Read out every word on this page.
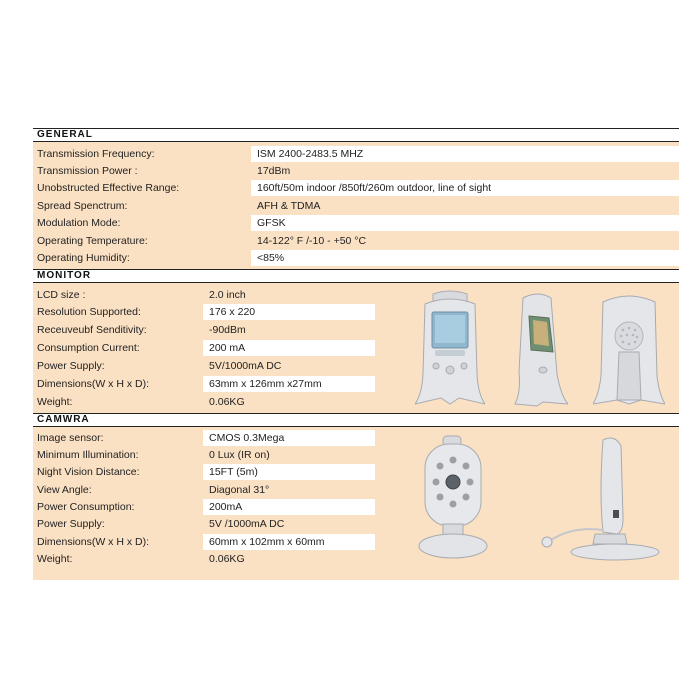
GENERAL
Transmission Frequency:	ISM 2400-2483.5 MHZ
Transmission Power :	17dBm
Unobstructed Effective Range:	160ft/50m indoor /850ft/260m outdoor, line of sight
Spread Spenctrum:	AFH & TDMA
Modulation Mode:	GFSK
Operating Temperature:	14-122° F /-10 - +50 °C
Operating Humidity:	<85%
MONITOR
LCD size :	2.0 inch
Resolution Supported:	176 x 220
Receuveubf Senditivity:	-90dBm
Consumption Current:	200 mA
Power Supply:	5V/1000mA DC
Dimensions(W x H x D):	63mm x 126mm x27mm
Weight:	0.06KG
CAMWRA
Image sensor:	CMOS 0.3Mega
Minimum Illumination:	0 Lux (IR on)
Night Vision Distance:	15FT (5m)
View Angle:	Diagonal 31°
Power Consumption:	200mA
Power Supply:	5V /1000mA DC
Dimensions(W x H x D):	60mm x 102mm x 60mm
Weight:	0.06KG
